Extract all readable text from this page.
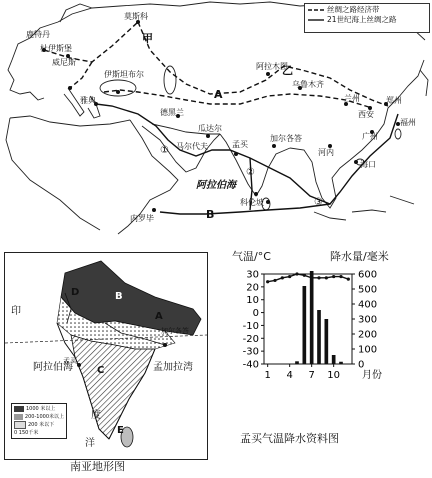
丝绸之路经济带
21世纪海上丝绸之路
莫斯科
鹿特丹
杜伊斯堡
威尼斯
雅典
伊斯坦布尔
德黑兰
阿拉木图
乌鲁木齐
兰州
西安
郑州
福州
广州
海口
河内
加尔各答
孟买
瓜达尔
马尔代夫
科伦坡
内罗毕
甲
乙
A
B
①
②
③
阿拉伯海
B
D
A
C
E
孟买
加尔各答
阿拉伯海	孟加拉湾
印
度
洋
1000 米以上
200-1000米以上
200 米以下
0 150千米
南亚地形图
30
20
10
0
-10
-20
-30
-40
600
500
400
300
200
100
0
1 4 7 10 月份
气温/°C	降水量/毫米
孟买气温降水资料图
